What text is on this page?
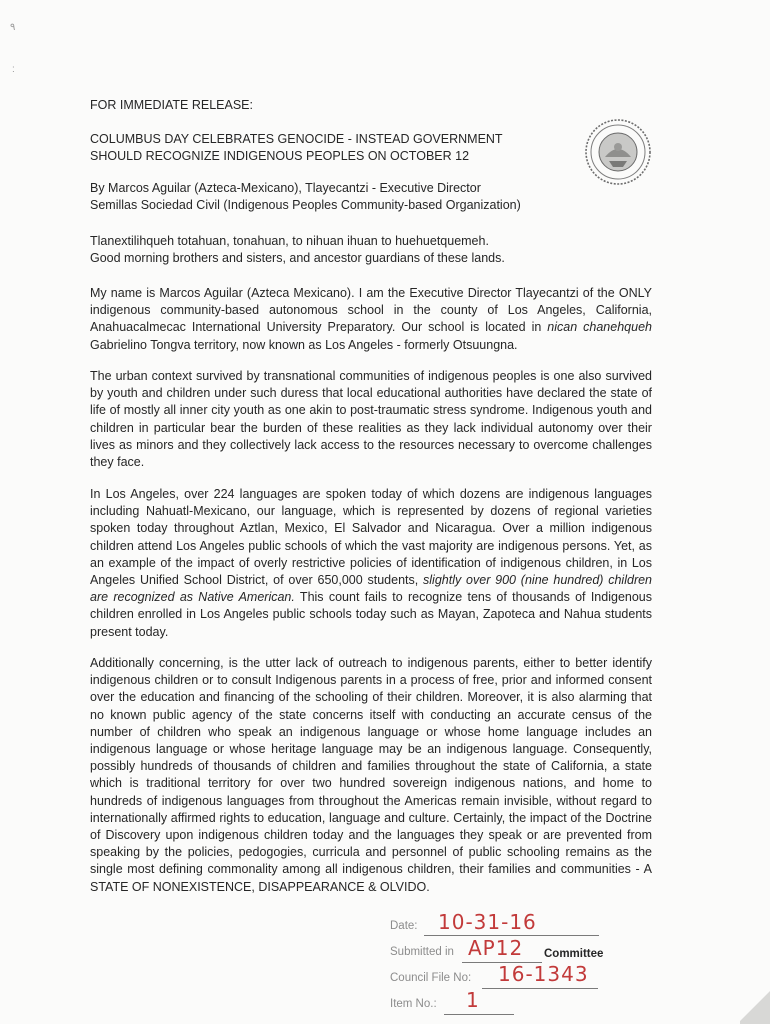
٩
:
FOR IMMEDIATE RELEASE:
COLUMBUS DAY CELEBRATES GENOCIDE - INSTEAD GOVERNMENT
SHOULD RECOGNIZE INDIGENOUS PEOPLES ON OCTOBER 12
By Marcos Aguilar (Azteca-Mexicano), Tlayecantzi - Executive Director
Semillas Sociedad Civil (Indigenous Peoples Community-based Organization)
Tlanextilihqueh totahuan, tonahuan, to nihuan ihuan to huehuetquemeh.
Good morning brothers and sisters, and ancestor guardians of these lands.
My name is Marcos Aguilar (Azteca Mexicano). I am the Executive Director Tlayecantzi of the ONLY indigenous community-based autonomous school in the county of Los Angeles, California, Anahuacalmecac International University Preparatory. Our school is located in nican chanehqueh Gabrielino Tongva territory, now known as Los Angeles - formerly Otsuungna.
The urban context survived by transnational communities of indigenous peoples is one also survived by youth and children under such duress that local educational authorities have declared the state of life of mostly all inner city youth as one akin to post-traumatic stress syndrome. Indigenous youth and children in particular bear the burden of these realities as they lack individual autonomy over their lives as minors and they collectively lack access to the resources necessary to overcome challenges they face.
In Los Angeles, over 224 languages are spoken today of which dozens are indigenous languages including Nahuatl-Mexicano, our language, which is represented by dozens of regional varieties spoken today throughout Aztlan, Mexico, El Salvador and Nicaragua. Over a million indigenous children attend Los Angeles public schools of which the vast majority are indigenous persons. Yet, as an example of the impact of overly restrictive policies of identification of indigenous children, in Los Angeles Unified School District, of over 650,000 students, slightly over 900 (nine hundred) children are recognized as Native American. This count fails to recognize tens of thousands of Indigenous children enrolled in Los Angeles public schools today such as Mayan, Zapoteca and Nahua students present today.
Additionally concerning, is the utter lack of outreach to indigenous parents, either to better identify indigenous children or to consult Indigenous parents in a process of free, prior and informed consent over the education and financing of the schooling of their children. Moreover, it is also alarming that no known public agency of the state concerns itself with conducting an accurate census of the number of children who speak an indigenous language or whose home language includes an indigenous language or whose heritage language may be an indigenous language. Consequently, possibly hundreds of thousands of children and families throughout the state of California, a state which is traditional territory for over two hundred sovereign indigenous nations, and home to hundreds of indigenous languages from throughout the Americas remain invisible, without regard to internationally affirmed rights to education, language and culture. Certainly, the impact of the Doctrine of Discovery upon indigenous children today and the languages they speak or are prevented from speaking by the policies, pedogogies, curricula and personnel of public schooling remains as the single most defining commonality among all indigenous children, their families and communities - A STATE OF NONEXISTENCE, DISAPPEARANCE & OLVIDO.
Date: 10-31-16
Submitted in AP12 Committee
Council File No: 16-1343
Item No.: 1
